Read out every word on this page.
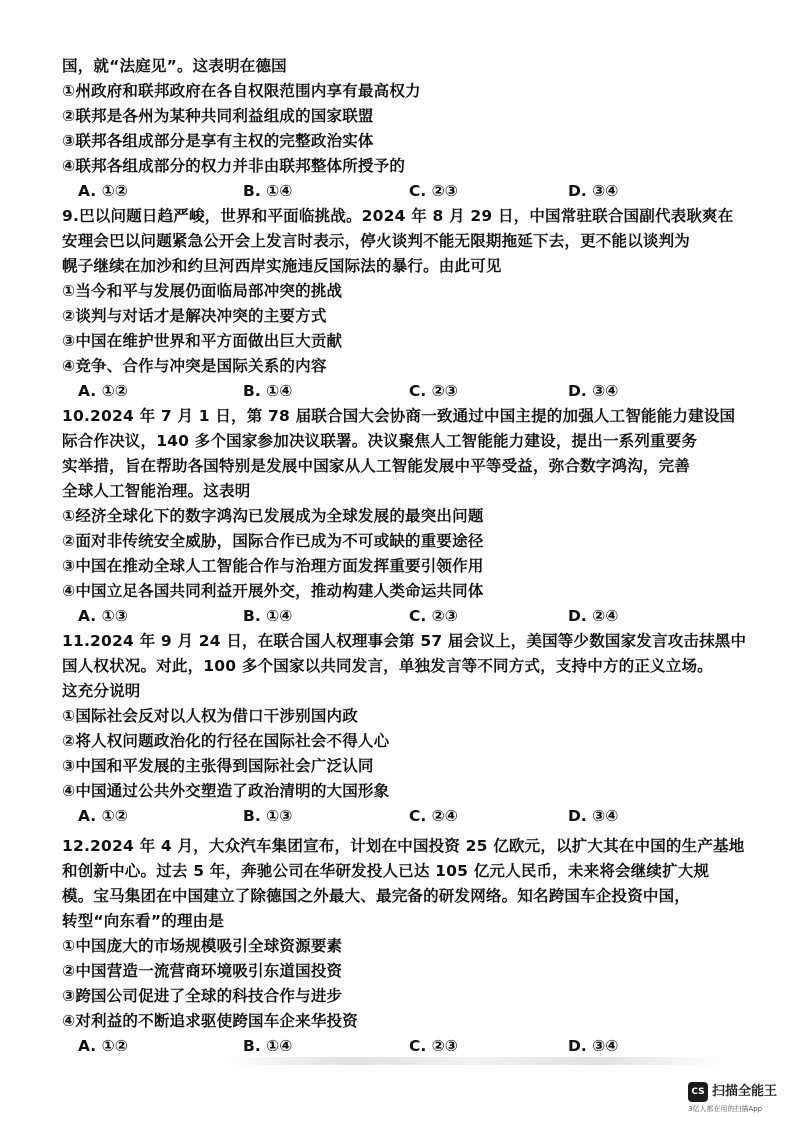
国，就“法庭见”。这表明在德国
①州政府和联邦政府在各自权限范围内享有最高权力
②联邦是各州为某种共同利益组成的国家联盟
③联邦各组成部分是享有主权的完整政治实体
④联邦各组成部分的权力并非由联邦整体所授予的
A. ①②	B. ①④	C. ②③	D. ③④
9.巴以问题日趋严峻，世界和平面临挑战。2024 年 8 月 29 日，中国常驻联合国副代表耿爽在
安理会巴以问题紧急公开会上发言时表示，停火谈判不能无限期拖延下去，更不能以谈判为
幌子继续在加沙和约旦河西岸实施违反国际法的暴行。由此可见
①当今和平与发展仍面临局部冲突的挑战
②谈判与对话才是解决冲突的主要方式
③中国在维护世界和平方面做出巨大贡献
④竞争、合作与冲突是国际关系的内容
A. ①②	B. ①④	C. ②③	D. ③④
10.2024 年 7 月 1 日，第 78 届联合国大会协商一致通过中国主提的加强人工智能能力建设国
际合作决议，140 多个国家参加决议联署。决议聚焦人工智能能力建设，提出一系列重要务
实举措，旨在帮助各国特别是发展中国家从人工智能发展中平等受益，弥合数字鸿沟，完善
全球人工智能治理。这表明
①经济全球化下的数字鸿沟已发展成为全球发展的最突出问题
②面对非传统安全威胁，国际合作已成为不可或缺的重要途径
③中国在推动全球人工智能合作与治理方面发挥重要引领作用
④中国立足各国共同利益开展外交，推动构建人类命运共同体
A. ①③	B. ①④	C. ②③	D. ②④
11.2024 年 9 月 24 日，在联合国人权理事会第 57 届会议上，美国等少数国家发言攻击抹黑中
国人权状况。对此，100 多个国家以共同发言，单独发言等不同方式，支持中方的正义立场。
这充分说明
①国际社会反对以人权为借口干涉别国内政
②将人权问题政治化的行径在国际社会不得人心
③中国和平发展的主张得到国际社会广泛认同
④中国通过公共外交塑造了政治清明的大国形象
A. ①②	B. ①③	C. ②④	D. ③④
12.2024 年 4 月，大众汽车集团宣布，计划在中国投资 25 亿欧元，以扩大其在中国的生产基地
和创新中心。过去 5 年，奔驰公司在华研发投人已达 105 亿元人民币，未来将会继续扩大规
模。宝马集团在中国建立了除德国之外最大、最完备的研发网络。知名跨国车企投资中国，
转型“向东看”的理由是
①中国庞大的市场规模吸引全球资源要素
②中国营造一流营商环境吸引东道国投资
③跨国公司促进了全球的科技合作与进步
④对利益的不断追求驱使跨国车企来华投资
A. ①②	B. ①④	C. ②③	D. ③④
CS 扫描全能王
3亿人都在用的扫描App
